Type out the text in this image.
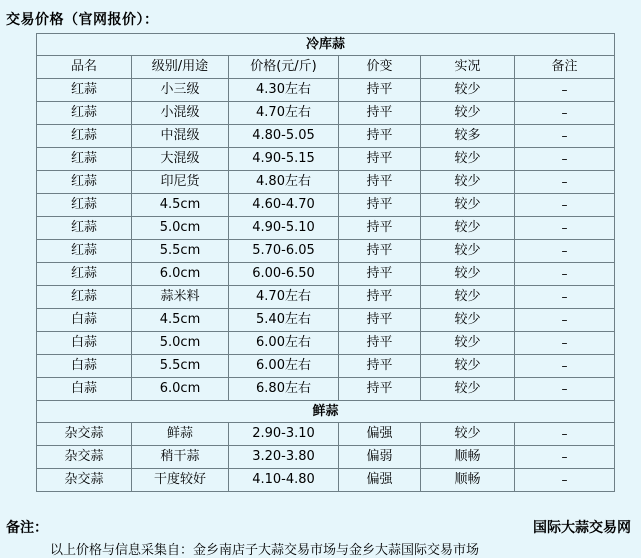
交易价格（官网报价）：
冷库蒜					
品名	级别/用途	价格(元/斤)	价变	实况	备注
红蒜	小三级	4.30左右	持平	较少	–
红蒜	小混级	4.70左右	持平	较少	–
红蒜	中混级	4.80-5.05	持平	较多	–
红蒜	大混级	4.90-5.15	持平	较少	–
红蒜	印尼货	4.80左右	持平	较少	–
红蒜	4.5cm	4.60-4.70	持平	较少	–
红蒜	5.0cm	4.90-5.10	持平	较少	–
红蒜	5.5cm	5.70-6.05	持平	较少	–
红蒜	6.0cm	6.00-6.50	持平	较少	–
红蒜	蒜米料	4.70左右	持平	较少	–
白蒜	4.5cm	5.40左右	持平	较少	–
白蒜	5.0cm	6.00左右	持平	较少	–
白蒜	5.5cm	6.00左右	持平	较少	–
白蒜	6.0cm	6.80左右	持平	较少	–
鲜蒜					
杂交蒜	鲜蒜	2.90-3.10	偏强	较少	–
杂交蒜	稍干蒜	3.20-3.80	偏弱	顺畅	–
杂交蒜	干度较好	4.10-4.80	偏强	顺畅	–
备注：	国际大蒜交易网
以上价格与信息采集自：金乡南店子大蒜交易市场与金乡大蒜国际交易市场
